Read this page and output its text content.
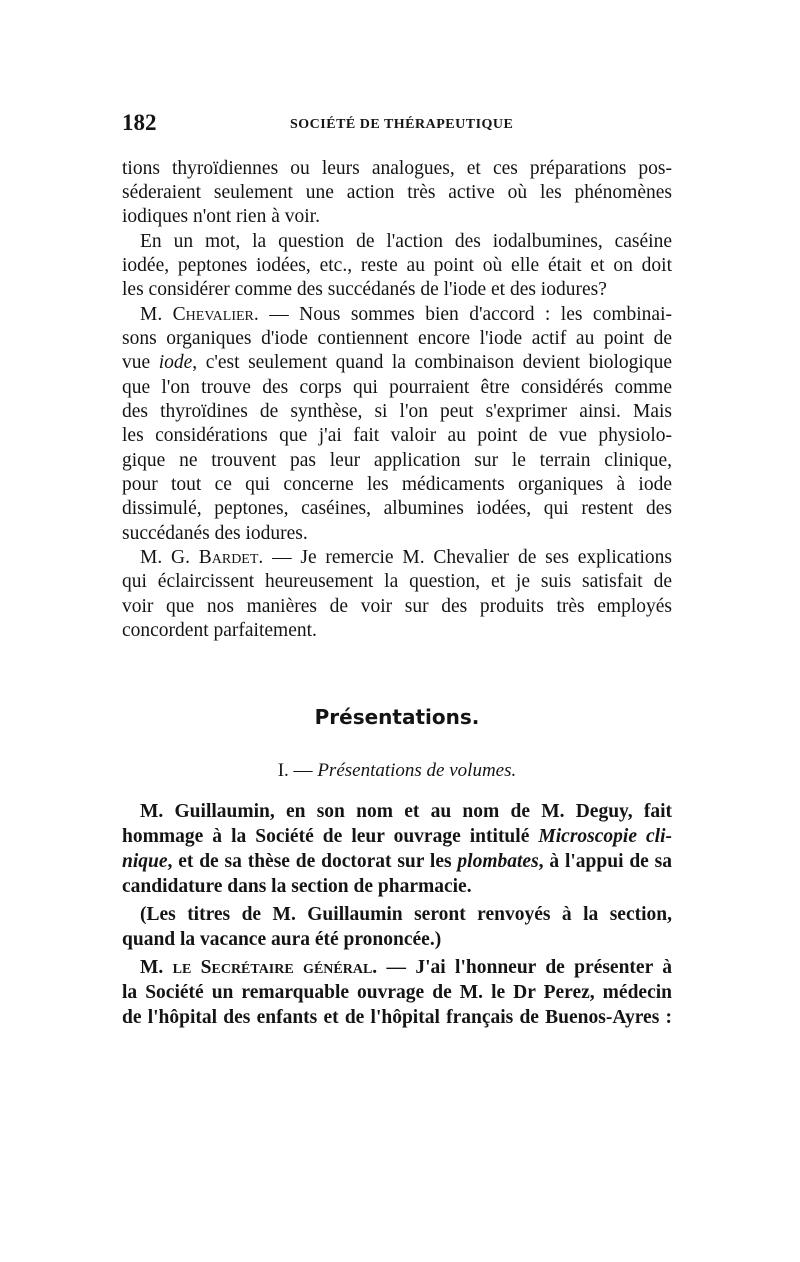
182	SOCIÉTÉ DE THÉRAPEUTIQUE
tions thyroïdiennes ou leurs analogues, et ces préparations pos-
séderaient seulement une action très active où les phénomènes
iodiques n'ont rien à voir.
En un mot, la question de l'action des iodalbumines, caséine
iodée, peptones iodées, etc., reste au point où elle était et on doit
les considérer comme des succédanés de l'iode et des iodures?
M. Chevalier. — Nous sommes bien d'accord : les combinai-
sons organiques d'iode contiennent encore l'iode actif au point de
vue iode, c'est seulement quand la combinaison devient biologique
que l'on trouve des corps qui pourraient être considérés comme
des thyroïdines de synthèse, si l'on peut s'exprimer ainsi. Mais
les considérations que j'ai fait valoir au point de vue physiolo-
gique ne trouvent pas leur application sur le terrain clinique,
pour tout ce qui concerne les médicaments organiques à iode
dissimulé, peptones, caséines, albumines iodées, qui restent des
succédanés des iodures.
M. G. Bardet. — Je remercie M. Chevalier de ses explications
qui éclaircissent heureusement la question, et je suis satisfait de
voir que nos manières de voir sur des produits très employés
concordent parfaitement.
Présentations.
I. — Présentations de volumes.
M. Guillaumin, en son nom et au nom de M. Deguy, fait
hommage à la Société de leur ouvrage intitulé Microscopie cli-
nique, et de sa thèse de doctorat sur les plombates, à l'appui de sa
candidature dans la section de pharmacie.
(Les titres de M. Guillaumin seront renvoyés à la section,
quand la vacance aura été prononcée.)
M. le Secrétaire général. — J'ai l'honneur de présenter à
la Société un remarquable ouvrage de M. le Dr Perez, médecin
de l'hôpital des enfants et de l'hôpital français de Buenos-Ayres :
